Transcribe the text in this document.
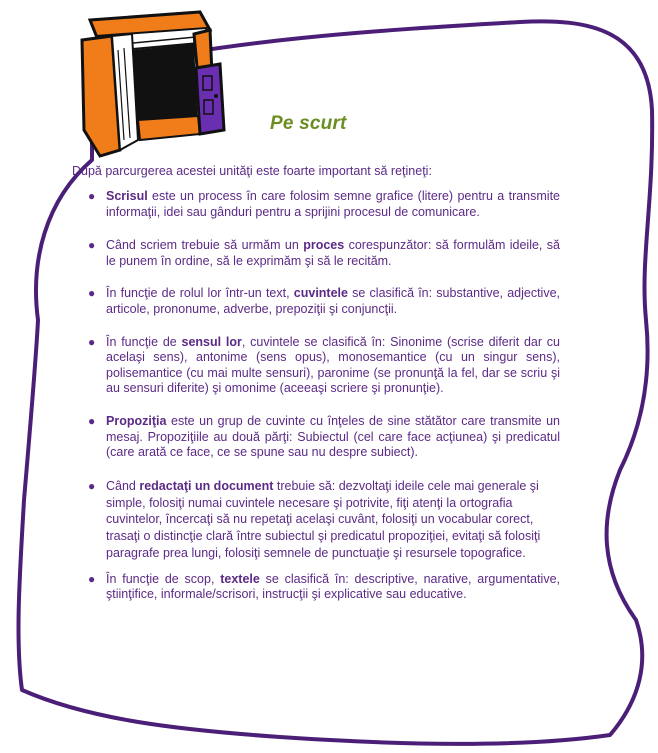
Pe scurt
După parcurgerea acestei unităţi este foarte important să reţineţi:
● Scrisul este un process în care folosim semne grafice (litere) pentru a transmite informaţii, idei sau gânduri pentru a sprijini procesul de comunicare.
● Când scriem trebuie să urmăm un proces corespunzător: să formulăm ideile, să le punem în ordine, să le exprimăm şi să le recităm.
● În funcţie de rolul lor într-un text, cuvintele se clasifică în: substantive, adjective, articole, prononume, adverbe, prepoziţii şi conjuncţii.
● În funcţie de sensul lor, cuvintele se clasifică în: Sinonime (scrise diferit dar cu acelaşi sens), antonime (sens opus), monosemantice (cu un singur sens), polisemantice (cu mai multe sensuri), paronime (se pronunţă la fel, dar se scriu şi au sensuri diferite) şi omonime (aceeaşi scriere şi pronunţie).
● Propoziţia este un grup de cuvinte cu înţeles de sine stătător care transmite un mesaj. Propoziţiile au două părţi: Subiectul (cel care face acţiunea) şi predicatul (care arată ce face, ce se spune sau nu despre subiect).
● Când redactaţi un document trebuie să: dezvoltaţi ideile cele mai generale şi simple, folosiţi numai cuvintele necesare şi potrivite, fiţi atenţi la ortografia cuvintelor, încercaţi să nu repetaţi acelaşi cuvânt, folosiţi un vocabular corect, trasaţi o distincţie clară între subiectul şi predicatul propoziţiei, evitaţi să folosiţi paragrafe prea lungi, folosiţi semnele de punctuaţie şi resursele topografice.
● În funcţie de scop, textele se clasifică în: descriptive, narative, argumentative, ştiinţifice, informale/scrisori, instrucţii şi explicative sau educative.
